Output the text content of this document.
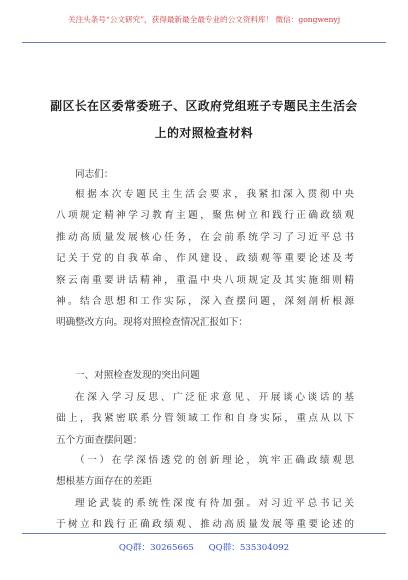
关注头条号“公文研究”，获得最新最全最专业的公文资料库！ 微信：gongwenyj
副区长在区委常委班子、区政府党组班子专题民主生活会
上的对照检查材料
同志们：
根据本次专题民主生活会要求，我紧扣深入贯彻中央
八项规定精神学习教育主题，聚焦树立和践行正确政绩观
推动高质量发展核心任务，在会前系统学习了习近平总书
记关于党的自我革命、作风建设、政绩观等重要论述及考
察云南重要讲话精神，重温中央八项规定及其实施细则精
神。结合思想和工作实际，深入查摆问题，深刻剖析根源
明确整改方向。现将对照检查情况汇报如下：
一、对照检查发现的突出问题
在深入学习反思、广泛征求意见、开展谈心谈话的基
础上，我紧密联系分管领域工作和自身实际，重点从以下
五个方面查摆问题：
（一）在学深悟透党的创新理论，筑牢正确政绩观思
想根基方面存在的差距
理论武装的系统性深度有待加强。对习近平总书记关
于树立和践行正确政绩观、推动高质量发展等重要论述的
QQ群：30265665 QQ群：535304092
